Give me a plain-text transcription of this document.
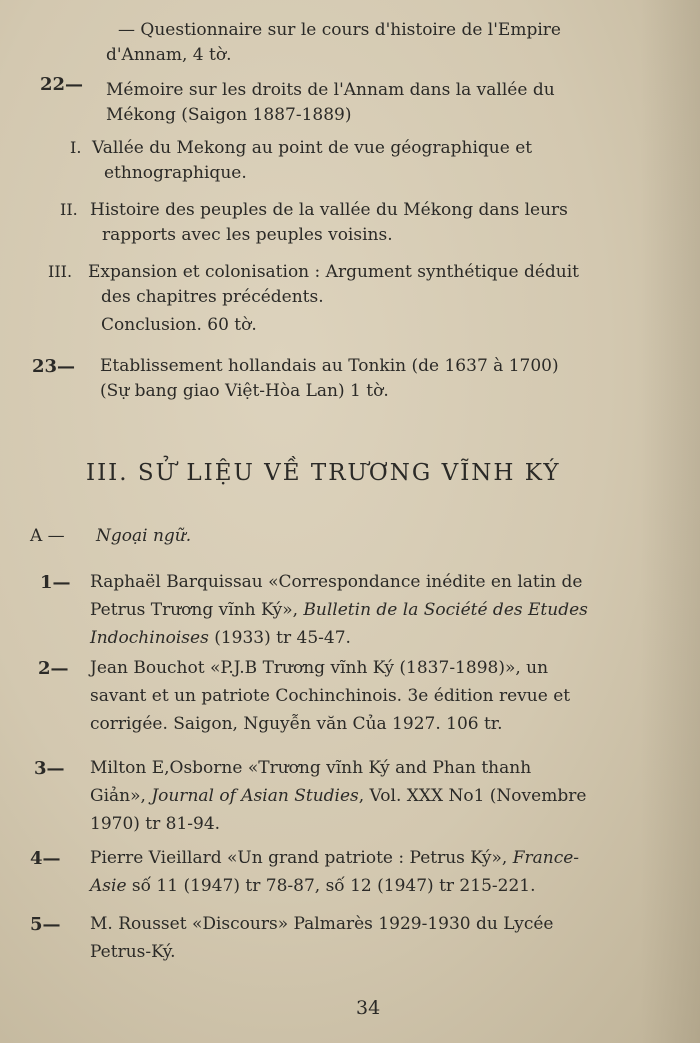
— Questionnaire sur le cours d'histoire de l'Empire
d'Annam, 4 tờ.
22— Mémoire sur les droits de l'Annam dans la vallée du
Mékong (Saigon 1887-1889)
I. Vallée du Mekong au point de vue géographique et
ethnographique.
II. Histoire des peuples de la vallée du Mékong dans leurs
rapports avec les peuples voisins.
III. Expansion et colonisation : Argument synthétique déduit
des chapitres précédents.
Conclusion. 60 tờ.
23— Etablissement hollandais au Tonkin (de 1637 à 1700)
(Sự bang giao Việt-Hòa Lan) 1 tờ.
III. SỬ LIỆU VỀ TRƯƠNG VĨNH KÝ
A — Ngoại ngữ.
1— Raphaël Barquissau «Correspondance inédite en latin de
Petrus Trương vĩnh Ký», Bulletin de la Société des Etudes
Indochinoises (1933) tr 45-47.
2— Jean Bouchot «P.J.B Trương vĩnh Ký (1837-1898)», un
savant et un patriote Cochinchinois. 3e édition revue et
corrigée. Saigon, Nguyễn văn Của 1927. 106 tr.
3— Milton E,Osborne «Trương vĩnh Ký and Phan thanh
Giản», Journal of Asian Studies, Vol. XXX No1 (Novembre
1970) tr 81-94.
4— Pierre Vieillard «Un grand patriote : Petrus Ký», France-
Asie số 11 (1947) tr 78-87, số 12 (1947) tr 215-221.
5— M. Rousset «Discours» Palmarès 1929-1930 du Lycée
Petrus-Ký.
34
